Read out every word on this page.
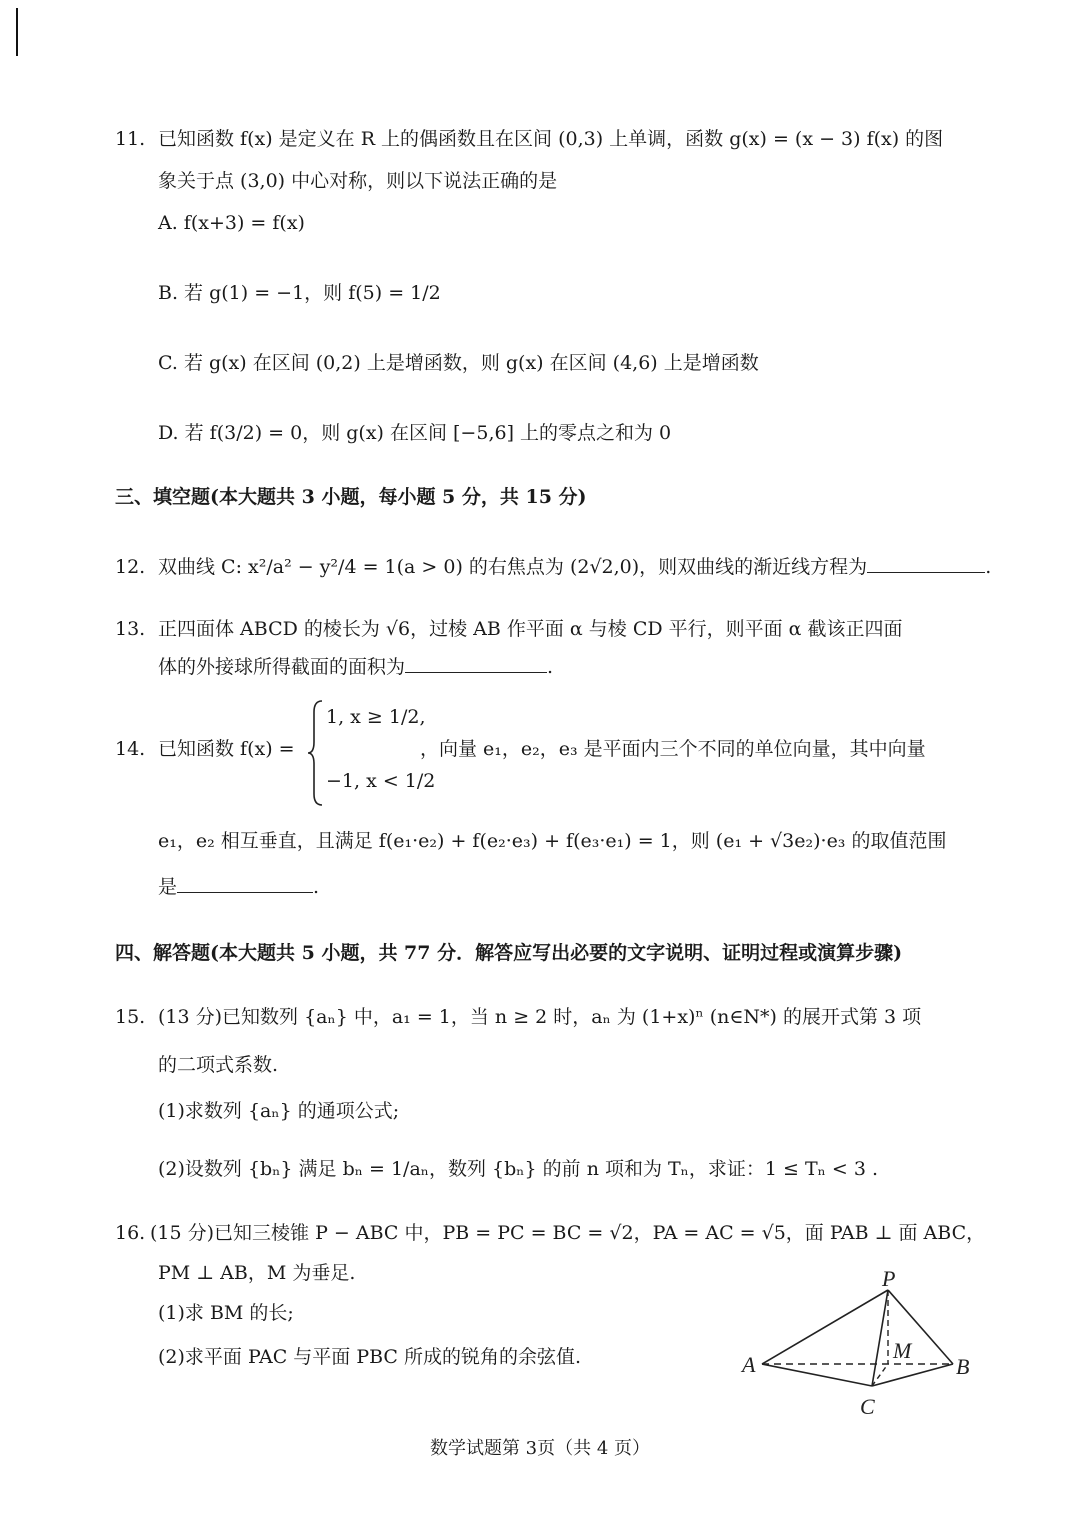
11. 已知函数 f(x) 是定义在 R 上的偶函数且在区间 (0,3) 上单调，函数 g(x) = (x − 3) f(x) 的图
象关于点 (3,0) 中心对称，则以下说法正确的是
A. f(x+3) = f(x)
B. 若 g(1) = −1，则 f(5) = 1/2
C. 若 g(x) 在区间 (0,2) 上是增函数，则 g(x) 在区间 (4,6) 上是增函数
D. 若 f(3/2) = 0，则 g(x) 在区间 [−5,6] 上的零点之和为 0
三、填空题(本大题共 3 小题，每小题 5 分，共 15 分)
12. 双曲线 C: x²/a² − y²/4 = 1(a > 0) 的右焦点为 (2√2,0)，则双曲线的渐近线方程为	.
13. 正四面体 ABCD 的棱长为 √6，过棱 AB 作平面 α 与棱 CD 平行，则平面 α 截该正四面
体的外接球所得截面的面积为	.
14. 已知函数 f(x) =
1, x ≥ 1/2,
−1, x < 1/2
，向量 e₁，e₂，e₃ 是平面内三个不同的单位向量，其中向量
e₁，e₂ 相互垂直，且满足 f(e₁·e₂) + f(e₂·e₃) + f(e₃·e₁) = 1，则 (e₁ + √3e₂)·e₃ 的取值范围
是	.
四、解答题(本大题共 5 小题，共 77 分．解答应写出必要的文字说明、证明过程或演算步骤)
15. (13 分)已知数列 {aₙ} 中，a₁ = 1，当 n ≥ 2 时，aₙ 为 (1+x)ⁿ (n∈N*) 的展开式第 3 项
的二项式系数.
(1)求数列 {aₙ} 的通项公式;
(2)设数列 {bₙ} 满足 bₙ = 1/aₙ，数列 {bₙ} 的前 n 项和为 Tₙ，求证：1 ≤ Tₙ < 3 .
16. (15 分)已知三棱锥 P − ABC 中，PB = PC = BC = √2，PA = AC = √5，面 PAB ⊥ 面 ABC，
PM ⊥ AB，M 为垂足.
(1)求 BM 的长;
(2)求平面 PAC 与平面 PBC 所成的锐角的余弦值.
P
A	B
C
M
数学试题第 3页（共 4 页）
